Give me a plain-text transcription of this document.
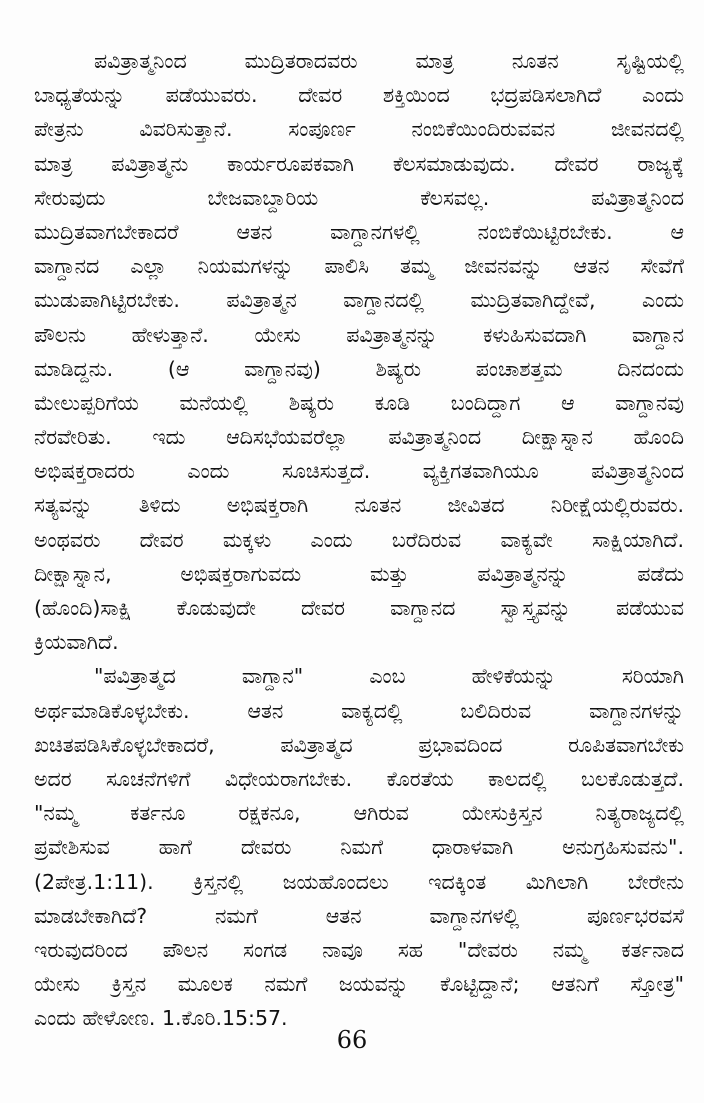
ಪವಿತ್ರಾತ್ಮನಿಂದ ಮುದ್ರಿತರಾದವರು ಮಾತ್ರ ನೂತನ ಸೃಷ್ಟಿಯಲ್ಲಿ
ಬಾಧ್ಯತೆಯನ್ನು ಪಡೆಯುವರು. ದೇವರ ಶಕ್ತಿಯಿಂದ ಭದ್ರಪಡಿಸಲಾಗಿದೆ ಎಂದು
ಪೇತ್ರನು ವಿವರಿಸುತ್ತಾನೆ. ಸಂಪೂರ್ಣ ನಂಬಿಕೆಯಿಂದಿರುವವನ ಜೀವನದಲ್ಲಿ
ಮಾತ್ರ ಪವಿತ್ರಾತ್ಮನು ಕಾರ್ಯರೂಪಕವಾಗಿ ಕೆಲಸಮಾಡುವುದು. ದೇವರ ರಾಜ್ಯಕ್ಕೆ
ಸೇರುವುದು ಬೇಜವಾಬ್ದಾರಿಯ ಕೆಲಸವಲ್ಲ. ಪವಿತ್ರಾತ್ಮನಿಂದ
ಮುದ್ರಿತವಾಗಬೇಕಾದರೆ ಆತನ ವಾಗ್ದಾನಗಳಲ್ಲಿ ನಂಬಿಕೆಯಿಟ್ಟಿರಬೇಕು. ಆ
ವಾಗ್ದಾನದ ಎಲ್ಲಾ ನಿಯಮಗಳನ್ನು ಪಾಲಿಸಿ ತಮ್ಮ ಜೀವನವನ್ನು ಆತನ ಸೇವೆಗೆ
ಮುಡುಪಾಗಿಟ್ಟಿರಬೇಕು. ಪವಿತ್ರಾತ್ಮನ ವಾಗ್ದಾನದಲ್ಲಿ ಮುದ್ರಿತವಾಗಿದ್ದೇವೆ, ಎಂದು
ಪೌಲನು ಹೇಳುತ್ತಾನೆ. ಯೇಸು ಪವಿತ್ರಾತ್ಮನನ್ನು ಕಳುಹಿಸುವದಾಗಿ ವಾಗ್ದಾನ
ಮಾಡಿದ್ದನು. (ಆ ವಾಗ್ದಾನವು) ಶಿಷ್ಯರು ಪಂಚಾಶತ್ತಮ ದಿನದಂದು
ಮೇಲುಪ್ಪರಿಗೆಯ ಮನೆಯಲ್ಲಿ ಶಿಷ್ಯರು ಕೂಡಿ ಬಂದಿದ್ದಾಗ ಆ ವಾಗ್ದಾನವು
ನೆರವೇರಿತು. ಇದು ಆದಿಸಭೆಯವರೆಲ್ಲಾ ಪವಿತ್ರಾತ್ಮನಿಂದ ದೀಕ್ಷಾಸ್ನಾನ ಹೊಂದಿ
ಅಭಿಷಕ್ತರಾದರು ಎಂದು ಸೂಚಿಸುತ್ತದೆ. ವ್ಯಕ್ತಿಗತವಾಗಿಯೂ ಪವಿತ್ರಾತ್ಮನಿಂದ
ಸತ್ಯವನ್ನು ತಿಳಿದು ಅಭಿಷಕ್ತರಾಗಿ ನೂತನ ಜೀವಿತದ ನಿರೀಕ್ಷೆಯಲ್ಲಿರುವರು.
ಅಂಥವರು ದೇವರ ಮಕ್ಕಳು ಎಂದು ಬರೆದಿರುವ ವಾಕ್ಯವೇ ಸಾಕ್ಷಿಯಾಗಿದೆ.
ದೀಕ್ಷಾಸ್ನಾನ, ಅಭಿಷಕ್ತರಾಗುವದು ಮತ್ತು ಪವಿತ್ರಾತ್ಮನನ್ನು ಪಡೆದು
(ಹೊಂದಿ)ಸಾಕ್ಷಿ ಕೊಡುವುದೇ ದೇವರ ವಾಗ್ದಾನದ ಸ್ವಾಸ್ತ್ಯವನ್ನು ಪಡೆಯುವ
ಕ್ರಿಯವಾಗಿದೆ.
"ಪವಿತ್ರಾತ್ಮದ ವಾಗ್ದಾನ" ಎಂಬ ಹೇಳಿಕೆಯನ್ನು ಸರಿಯಾಗಿ
ಅರ್ಥಮಾಡಿಕೊಳ್ಳಬೇಕು. ಆತನ ವಾಕ್ಯದಲ್ಲಿ ಬಲಿದಿರುವ ವಾಗ್ದಾನಗಳನ್ನು
ಖಚಿತಪಡಿಸಿಕೊಳ್ಳಬೇಕಾದರೆ, ಪವಿತ್ರಾತ್ಮದ ಪ್ರಭಾವದಿಂದ ರೂಪಿತವಾಗಬೇಕು
ಅದರ ಸೂಚನೆಗಳಿಗೆ ವಿಧೇಯರಾಗಬೇಕು. ಕೊರತೆಯ ಕಾಲದಲ್ಲಿ ಬಲಕೊಡುತ್ತದೆ.
"ನಮ್ಮ ಕರ್ತನೂ ರಕ್ಷಕನೂ, ಆಗಿರುವ ಯೇಸುಕ್ರಿಸ್ತನ ನಿತ್ಯರಾಜ್ಯದಲ್ಲಿ
ಪ್ರವೇಶಿಸುವ ಹಾಗೆ ದೇವರು ನಿಮಗೆ ಧಾರಾಳವಾಗಿ ಅನುಗ್ರಹಿಸುವನು".
(2ಪೇತ್ರ.1:11). ಕ್ರಿಸ್ತನಲ್ಲಿ ಜಯಹೊಂದಲು ಇದಕ್ಕಿಂತ ಮಿಗಿಲಾಗಿ ಬೇರೇನು
ಮಾಡಬೇಕಾಗಿದೆ? ನಮಗೆ ಆತನ ವಾಗ್ದಾನಗಳಲ್ಲಿ ಪೂರ್ಣಭರವಸೆ
ಇರುವುದರಿಂದ ಪೌಲನ ಸಂಗಡ ನಾವೂ ಸಹ "ದೇವರು ನಮ್ಮ ಕರ್ತನಾದ
ಯೇಸು ಕ್ರಿಸ್ತನ ಮೂಲಕ ನಮಗೆ ಜಯವನ್ನು ಕೊಟ್ಟಿದ್ದಾನೆ; ಆತನಿಗೆ ಸ್ತೋತ್ರ"
ಎಂದು ಹೇಳೋಣ. 1.ಕೊರಿ.15:57.
66
